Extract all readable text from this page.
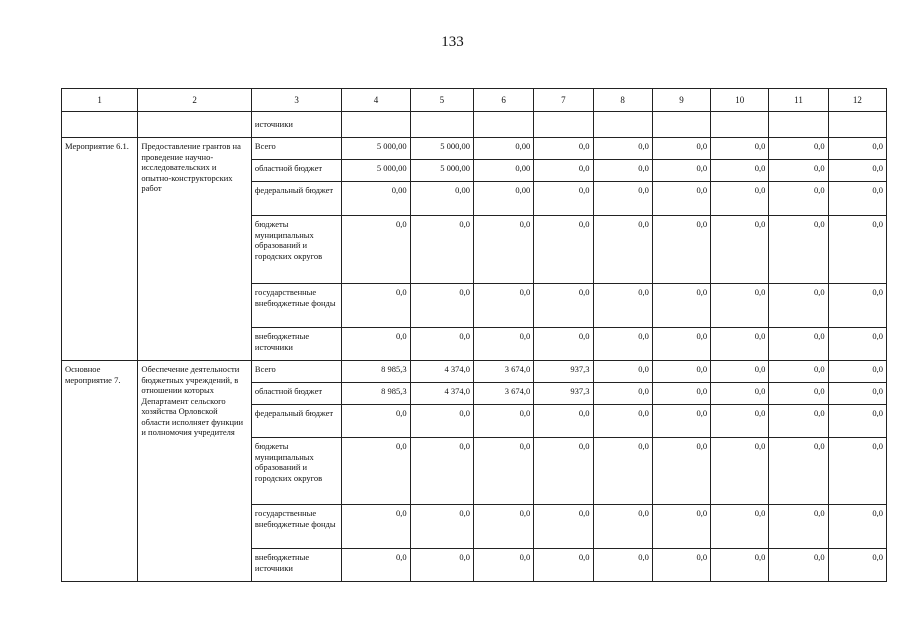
133
1	2	3	4	5	6	7	8	9	10	11	12
		источники									
Мероприятие 6.1.	Предоставление грантов на проведение научно-исследовательских и опытно-конструкторских работ	Всего	5 000,00	5 000,00	0,00	0,0	0,0	0,0	0,0	0,0	0,0
		областной бюджет	5 000,00	5 000,00	0,00	0,0	0,0	0,0	0,0	0,0	0,0
		федеральный бюджет	0,00	0,00	0,00	0,0	0,0	0,0	0,0	0,0	0,0
		бюджеты муниципальных образований и городских округов	0,0	0,0	0,0	0,0	0,0	0,0	0,0	0,0	0,0
		государственные внебюджетные фонды	0,0	0,0	0,0	0,0	0,0	0,0	0,0	0,0	0,0
		внебюджетные источники	0,0	0,0	0,0	0,0	0,0	0,0	0,0	0,0	0,0
Основное мероприятие 7.	Обеспечение деятельности бюджетных учреждений, в отношении которых Департамент сельского хозяйства Орловской области исполняет функции и полномочия учредителя	Всего	8 985,3	4 374,0	3 674,0	937,3	0,0	0,0	0,0	0,0	0,0
		областной бюджет	8 985,3	4 374,0	3 674,0	937,3	0,0	0,0	0,0	0,0	0,0
		федеральный бюджет	0,0	0,0	0,0	0,0	0,0	0,0	0,0	0,0	0,0
		бюджеты муниципальных образований и городских округов	0,0	0,0	0,0	0,0	0,0	0,0	0,0	0,0	0,0
		государственные внебюджетные фонды	0,0	0,0	0,0	0,0	0,0	0,0	0,0	0,0	0,0
		внебюджетные источники	0,0	0,0	0,0	0,0	0,0	0,0	0,0	0,0	0,0
